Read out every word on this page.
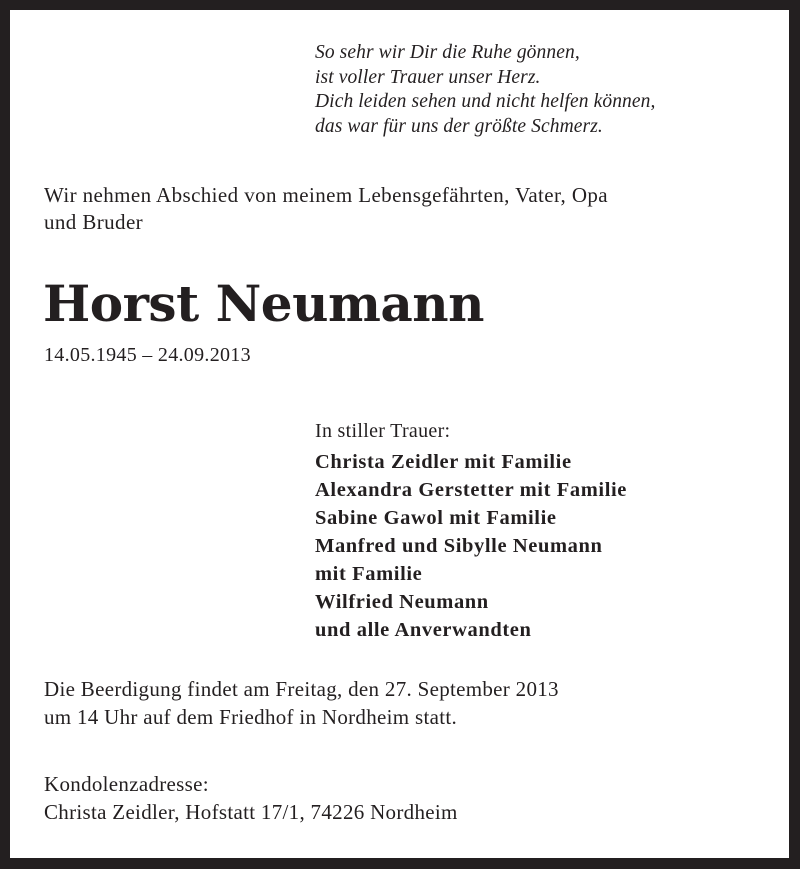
So sehr wir Dir die Ruhe gönnen,
ist voller Trauer unser Herz.
Dich leiden sehen und nicht helfen können,
das war für uns der größte Schmerz.
Wir nehmen Abschied von meinem Lebensgefährten, Vater, Opa
und Bruder
Horst Neumann
14.05.1945 – 24.09.2013
In stiller Trauer:
Christa Zeidler mit Familie
Alexandra Gerstetter mit Familie
Sabine Gawol mit Familie
Manfred und Sibylle Neumann
mit Familie
Wilfried Neumann
und alle Anverwandten
Die Beerdigung findet am Freitag, den 27. September 2013
um 14 Uhr auf dem Friedhof in Nordheim statt.
Kondolenzadresse:
Christa Zeidler, Hofstatt 17/1, 74226 Nordheim
